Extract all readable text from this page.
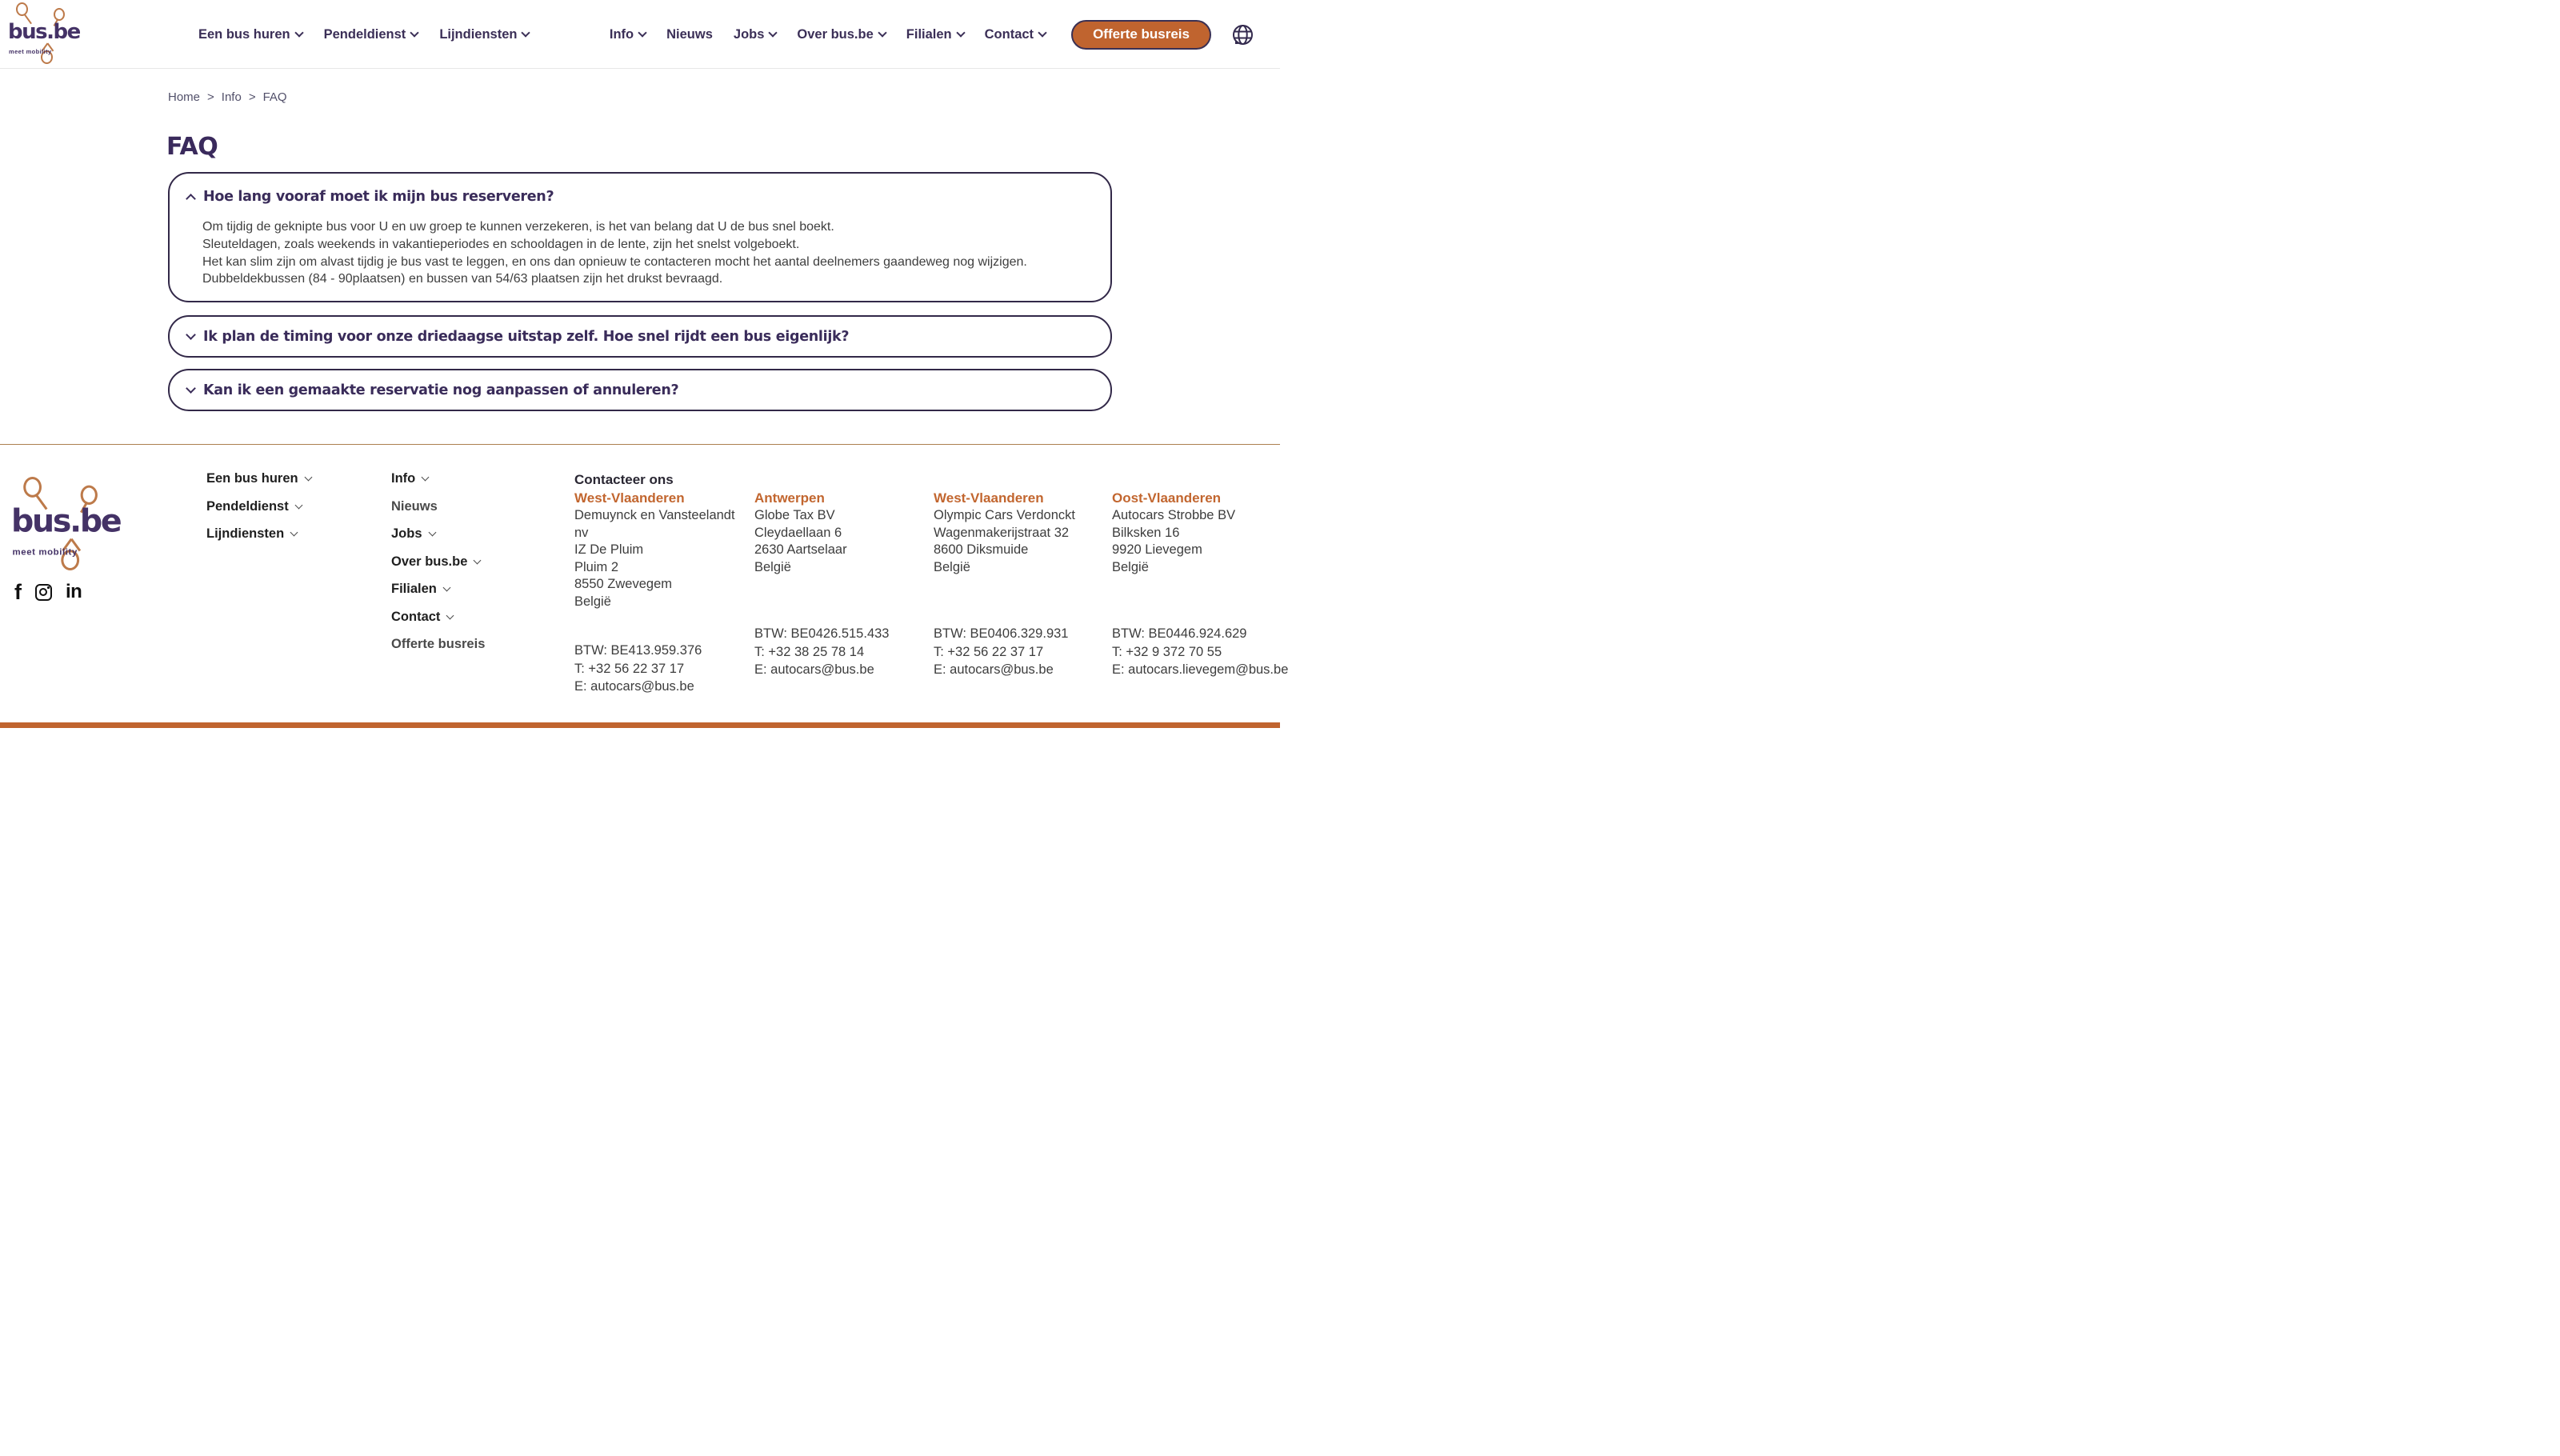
bus.be
meet mobility
Een bus huren	Pendeldienst	Lijndiensten	Info Nieuws Jobs Over bus.be Filialen Contact	Offerte busreis
Home > Info > FAQ
FAQ
Hoe lang vooraf moet ik mijn bus reserveren?
Om tijdig de geknipte bus voor U en uw groep te kunnen verzekeren, is het van belang dat U de bus snel boekt.
Sleuteldagen, zoals weekends in vakantieperiodes en schooldagen in de lente, zijn het snelst volgeboekt.
Het kan slim zijn om alvast tijdig je bus vast te leggen, en ons dan opnieuw te contacteren mocht het aantal deelnemers gaandeweg nog wijzigen.
Dubbeldekbussen (84 - 90plaatsen) en bussen van 54/63 plaatsen zijn het drukst bevraagd.
Ik plan de timing voor onze driedaagse uitstap zelf. Hoe snel rijdt een bus eigenlijk?
Kan ik een gemaakte reservatie nog aanpassen of annuleren?
bus.be
meet mobility
f in
Een bus huren
Pendeldienst
Lijndiensten
Info
Nieuws
Jobs
Over bus.be
Filialen
Contact
Offerte busreis
Contacteer ons
West-Vlaanderen
Demuynck en Vansteelandt nv
IZ De Pluim
Pluim 2
8550 Zwevegem
België
BTW: BE413.959.376
T: +32 56 22 37 17
E: autocars@bus.be
Antwerpen
Globe Tax BV
Cleydaellaan 6
2630 Aartselaar
België
BTW: BE0426.515.433
T: +32 38 25 78 14
E: autocars@bus.be
West-Vlaanderen
Olympic Cars Verdonckt
Wagenmakerijstraat 32
8600 Diksmuide
België
BTW: BE0406.329.931
T: +32 56 22 37 17
E: autocars@bus.be
Oost-Vlaanderen
Autocars Strobbe BV
Bilksken 16
9920 Lievegem
België
BTW: BE0446.924.629
T: +32 9 372 70 55
E: autocars.lievegem@bus.be
